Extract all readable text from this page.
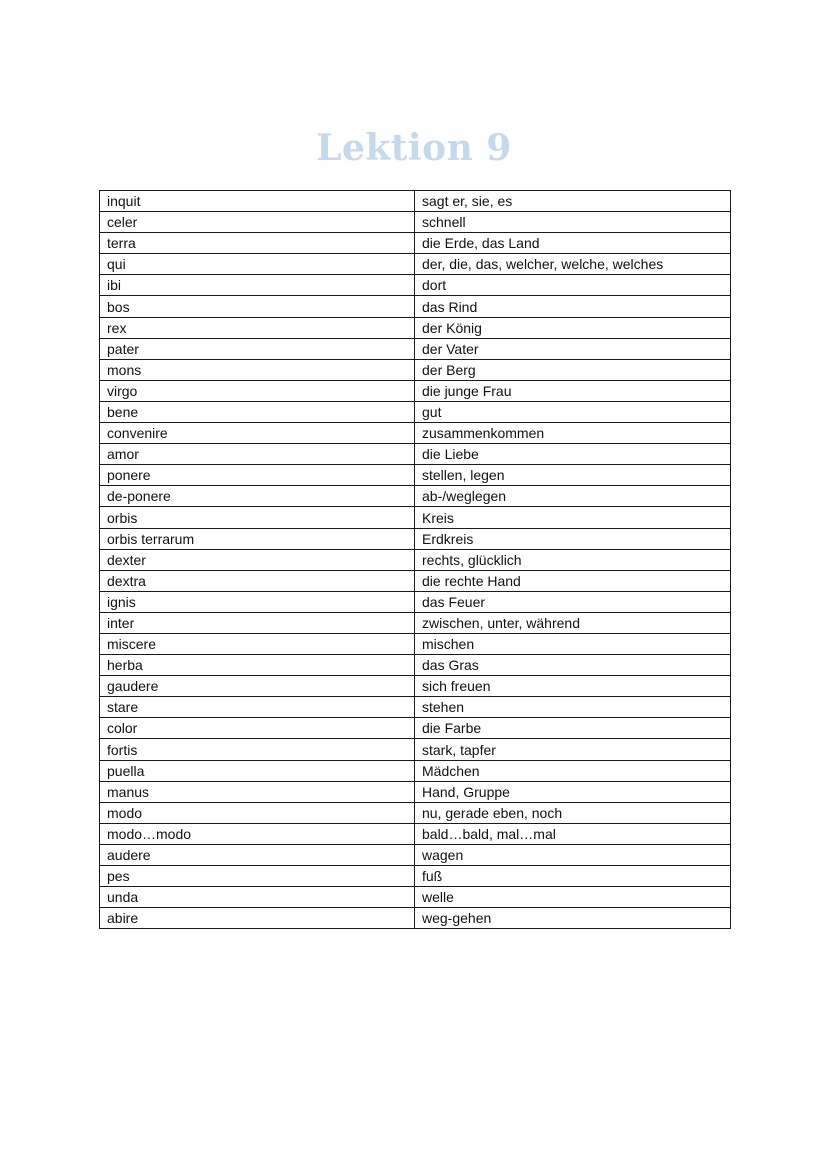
Lektion 9
inquit	sagt er, sie, es
celer	schnell
terra	die Erde, das Land
qui	der, die, das, welcher, welche, welches
ibi	dort
bos	das Rind
rex	der König
pater	der Vater
mons	der Berg
virgo	die junge Frau
bene	gut
convenire	zusammenkommen
amor	die Liebe
ponere	stellen, legen
de-ponere	ab-/weglegen
orbis	Kreis
orbis terrarum	Erdkreis
dexter	rechts, glücklich
dextra	die rechte Hand
ignis	das Feuer
inter	zwischen, unter, während
miscere	mischen
herba	das Gras
gaudere	sich freuen
stare	stehen
color	die Farbe
fortis	stark, tapfer
puella	Mädchen
manus	Hand, Gruppe
modo	nu, gerade eben, noch
modo…modo	bald…bald, mal…mal
audere	wagen
pes	fuß
unda	welle
abire	weg-gehen
